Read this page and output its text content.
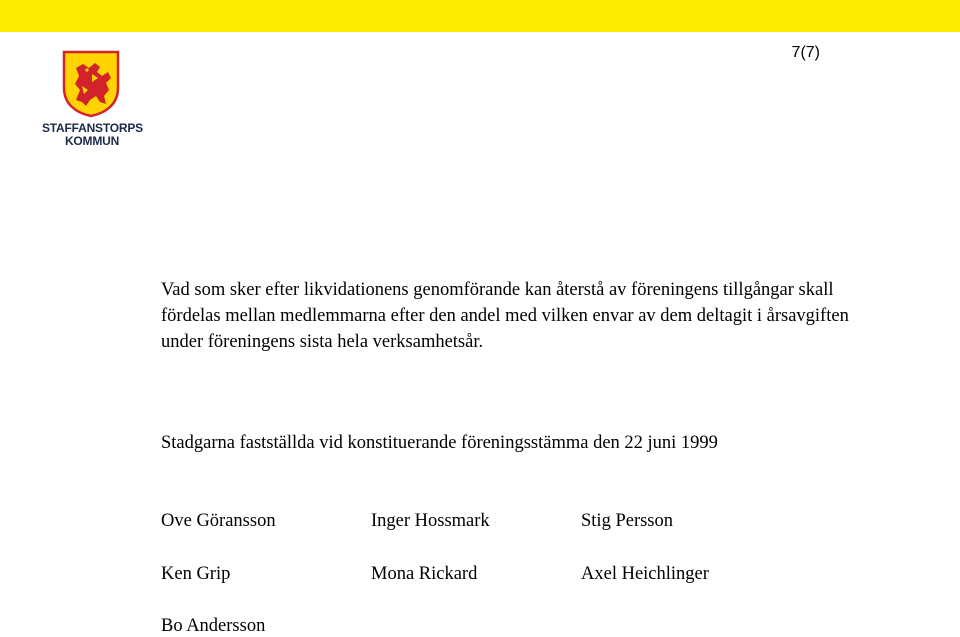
7(7)
STAFFANSTORPS
KOMMUN

Vad som sker efter likvidationens genomförande kan återstå av föreningens tillgångar skall fördelas mellan medlemmarna efter den andel med vilken envar av dem deltagit i årsavgiften under föreningens sista hela verksamhetsår.

Stadgarna fastställda vid konstituerande föreningsstämma den 22 juni 1999

Ove Göransson	Inger Hossmark	Stig Persson
Ken Grip	Mona Rickard	Axel Heichlinger
Bo Andersson
